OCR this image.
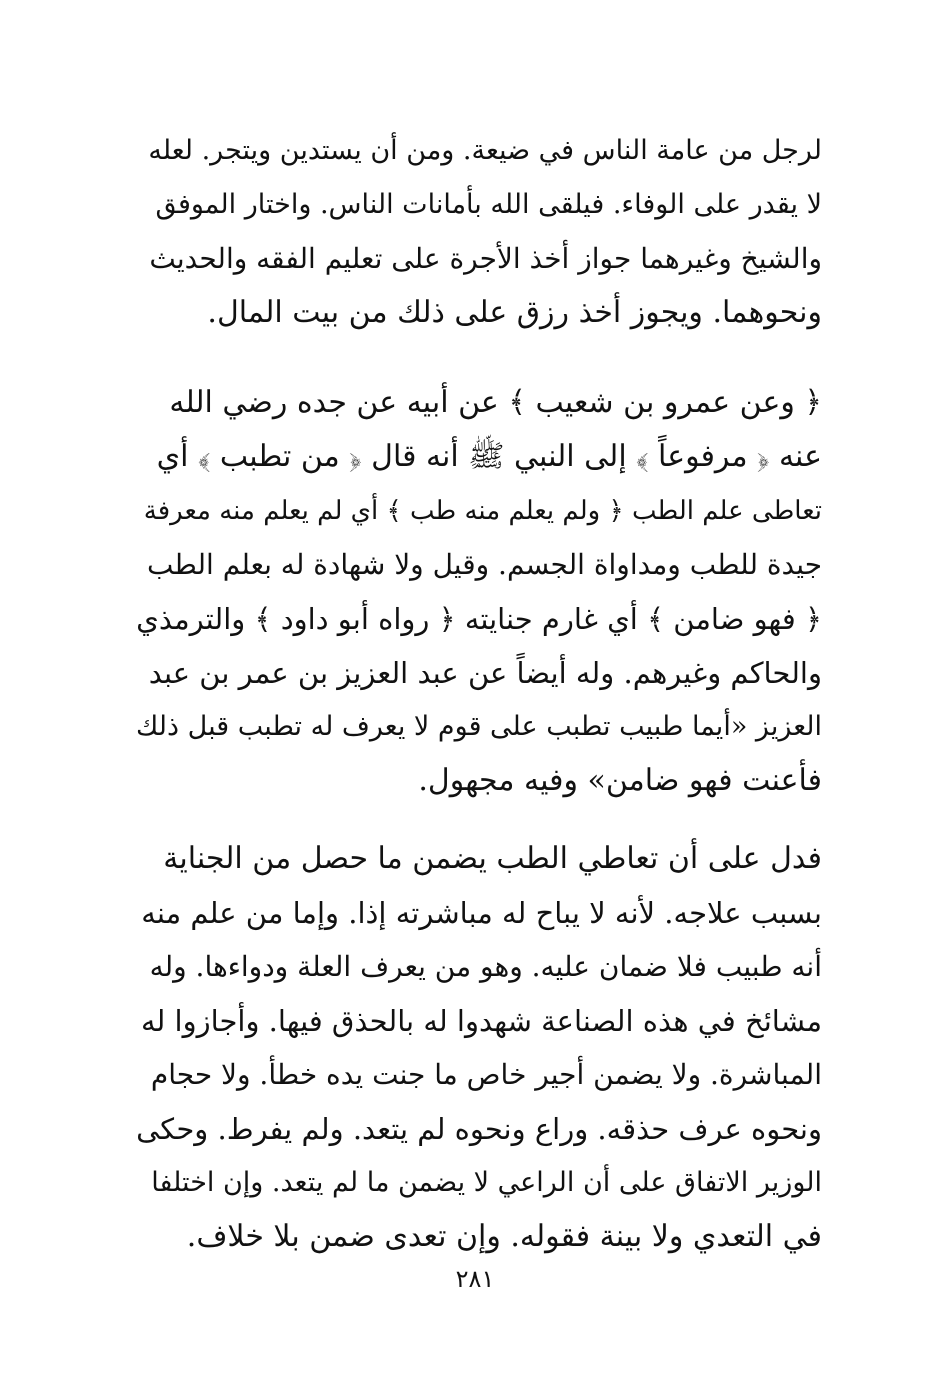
لرجل من عامة الناس في ضيعة. ومن أن يستدين ويتجر. لعله
لا يقدر على الوفاء. فيلقى الله بأمانات الناس. واختار الموفق
والشيخ وغيرهما جواز أخذ الأجرة على تعليم الفقه والحديث
ونحوهما. ويجوز أخذ رزق على ذلك من بيت المال.
﴿ وعن عمرو بن شعيب ﴾ عن أبيه عن جده رضي الله
عنه ﴿ مرفوعاً ﴾ إلى النبي ﷺ أنه قال ﴿ من تطبب ﴾ أي
تعاطى علم الطب ﴿ ولم يعلم منه طب ﴾ أي لم يعلم منه معرفة
جيدة للطب ومداواة الجسم. وقيل ولا شهادة له بعلم الطب
﴿ فهو ضامن ﴾ أي غارم جنايته ﴿ رواه أبو داود ﴾ والترمذي
والحاكم وغيرهم. وله أيضاً عن عبد العزيز بن عمر بن عبد
العزيز «أيما طبيب تطبب على قوم لا يعرف له تطبب قبل ذلك
فأعنت فهو ضامن» وفيه مجهول.
فدل على أن تعاطي الطب يضمن ما حصل من الجناية
بسبب علاجه. لأنه لا يباح له مباشرته إذا. وإما من علم منه
أنه طبيب فلا ضمان عليه. وهو من يعرف العلة ودواءها. وله
مشائخ في هذه الصناعة شهدوا له بالحذق فيها. وأجازوا له
المباشرة. ولا يضمن أجير خاص ما جنت يده خطأ. ولا حجام
ونحوه عرف حذقه. وراع ونحوه لم يتعد. ولم يفرط. وحكى
الوزير الاتفاق على أن الراعي لا يضمن ما لم يتعد. وإن اختلفا
في التعدي ولا بينة فقوله. وإن تعدى ضمن بلا خلاف.
٢٨١
